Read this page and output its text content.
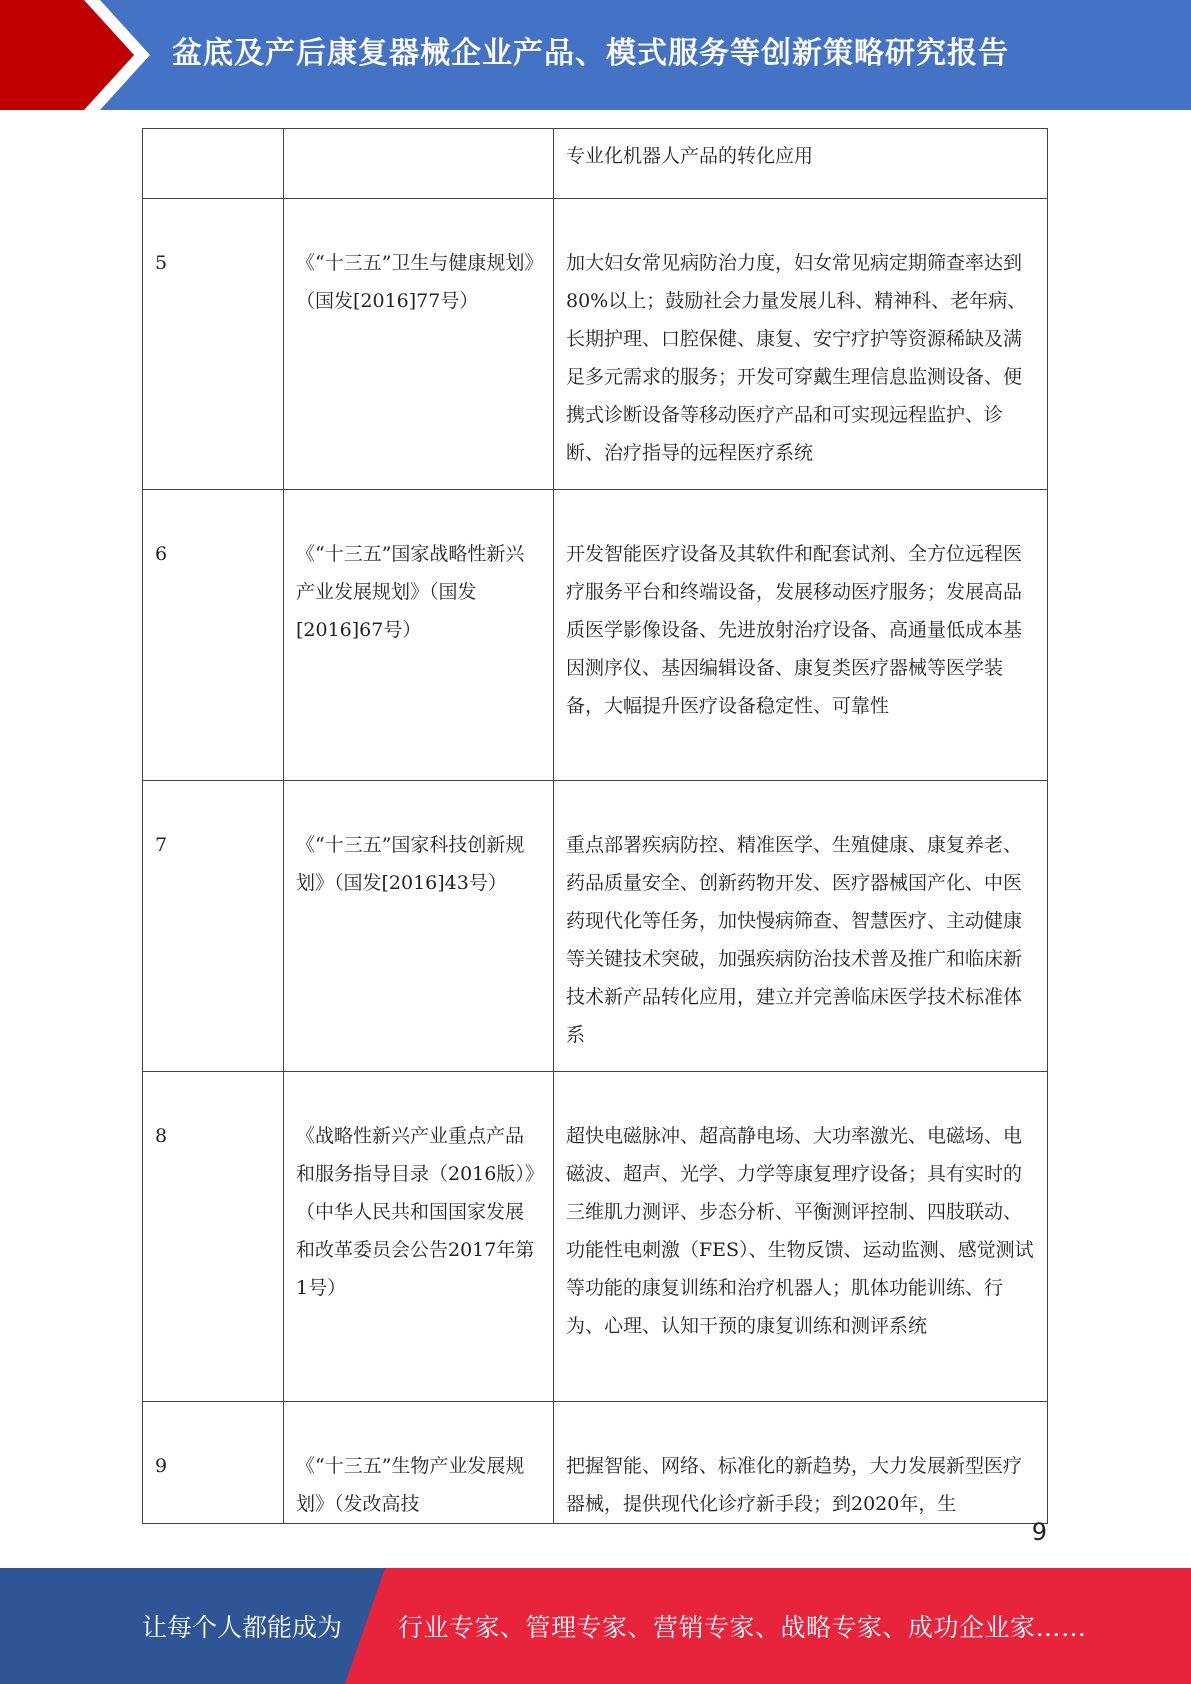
盆底及产后康复器械企业产品、模式服务等创新策略研究报告
		专业化机器人产品的转化应用
5	《“十三五”卫生与健康规划》（国发[2016]77号）	加大妇女常见病防治力度，妇女常见病定期筛查率达到80%以上；鼓励社会力量发展儿科、精神科、老年病、长期护理、口腔保健、康复、安宁疗护等资源稀缺及满足多元需求的服务；开发可穿戴生理信息监测设备、便携式诊断设备等移动医疗产品和可实现远程监护、诊断、治疗指导的远程医疗系统
6	《“十三五”国家战略性新兴产业发展规划》（国发[2016]67号）	开发智能医疗设备及其软件和配套试剂、全方位远程医疗服务平台和终端设备，发展移动医疗服务；发展高品质医学影像设备、先进放射治疗设备、高通量低成本基因测序仪、基因编辑设备、康复类医疗器械等医学装备，大幅提升医疗设备稳定性、可靠性
7	《“十三五”国家科技创新规划》（国发[2016]43号）	重点部署疾病防控、精准医学、生殖健康、康复养老、药品质量安全、创新药物开发、医疗器械国产化、中医药现代化等任务，加快慢病筛查、智慧医疗、主动健康等关键技术突破，加强疾病防治技术普及推广和临床新技术新产品转化应用，建立并完善临床医学技术标准体系
8	《战略性新兴产业重点产品和服务指导目录（2016版）》（中华人民共和国国家发展和改革委员会公告2017年第1号）	超快电磁脉冲、超高静电场、大功率激光、电磁场、电磁波、超声、光学、力学等康复理疗设备；具有实时的三维肌力测评、步态分析、平衡测评控制、四肢联动、功能性电刺激（FES）、生物反馈、运动监测、感觉测试等功能的康复训练和治疗机器人；肌体功能训练、行为、心理、认知干预的康复训练和测评系统
9	《“十三五”生物产业发展规划》（发改高技	把握智能、网络、标准化的新趋势，大力发展新型医疗器械，提供现代化诊疗新手段；到2020年，生
9
让每个人都能成为 行业专家、管理专家、营销专家、战略专家、成功企业家……
